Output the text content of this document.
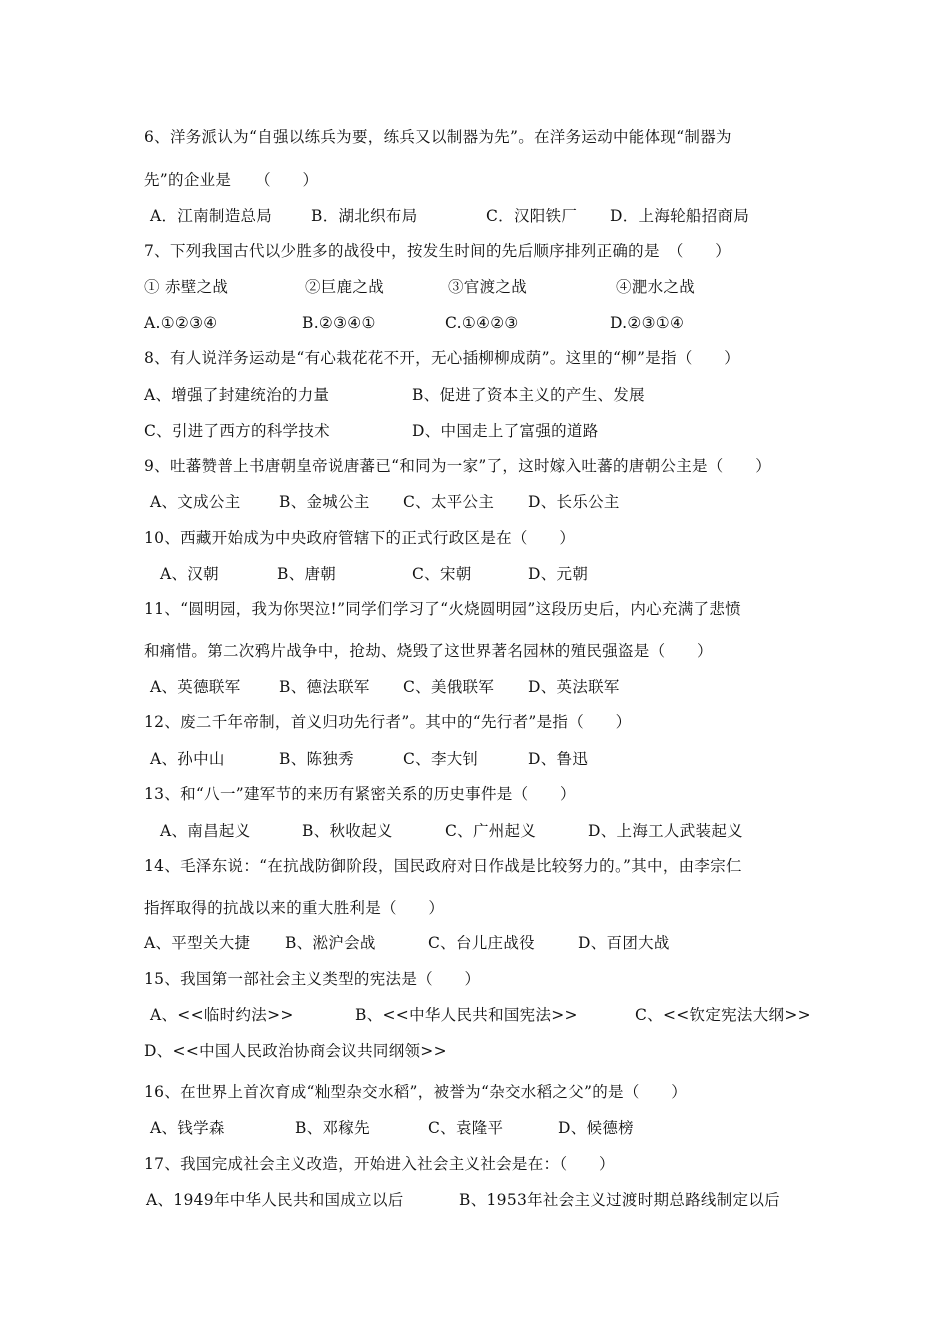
6、洋务派认为“自强以练兵为要，练兵又以制器为先”。在洋务运动中能体现“制器为
先”的企业是　　（　　）
A．江南制造总局	B．湖北织布局	C．汉阳铁厂 D．上海轮船招商局
7、下列我国古代以少胜多的战役中，按发生时间的先后顺序排列正确的是　（　　）
① 赤壁之战	②巨鹿之战	③官渡之战	④淝水之战
A.①②③④	B.②③④①	C.①④②③	D.②③①④
8、有人说洋务运动是“有心栽花花不开，无心插柳柳成荫”。这里的“柳”是指（　　）
A、增强了封建统治的力量	B、促进了资本主义的产生、发展
C、引进了西方的科学技术	D、中国走上了富强的道路
9、吐蕃赞普上书唐朝皇帝说唐蕃已“和同为一家”了，这时嫁入吐蕃的唐朝公主是（　　）
A、文成公主 B、金城公主 C、太平公主 D、长乐公主
10、西藏开始成为中央政府管辖下的正式行政区是在（　　）
A、汉朝	B、唐朝	C、宋朝	D、元朝
11、“圆明园，我为你哭泣!”同学们学习了“火烧圆明园”这段历史后，内心充满了悲愤
和痛惜。第二次鸦片战争中，抢劫、烧毁了这世界著名园林的殖民强盗是（　　）
A、英德联军 B、德法联军 C、美俄联军 D、英法联军
12、废二千年帝制，首义归功先行者”。其中的“先行者”是指（　　）
A、孙中山	B、陈独秀	C、李大钊	D、鲁迅
13、和“八一”建军节的来历有紧密关系的历史事件是（　　）
A、南昌起义	B、秋收起义	C、广州起义	D、上海工人武装起义
14、毛泽东说：“在抗战防御阶段，国民政府对日作战是比较努力的。”其中，由李宗仁
指挥取得的抗战以来的重大胜利是（　　）
A、平型关大捷 B、淞沪会战	C、台儿庄战役	D、百团大战
15、我国第一部社会主义类型的宪法是（　　）
A、<<临时约法>>	B、<<中华人民共和国宪法>>	C、<<钦定宪法大纲>>
D、<<中国人民政治协商会议共同纲领>>
16、在世界上首次育成“籼型杂交水稻”，被誉为“杂交水稻之父”的是（　　）
A、钱学森	B、邓稼先	C、袁隆平	D、候德榜
17、我国完成社会主义改造，开始进入社会主义社会是在：（　　）
A、1949年中华人民共和国成立以后	B、1953年社会主义过渡时期总路线制定以后
